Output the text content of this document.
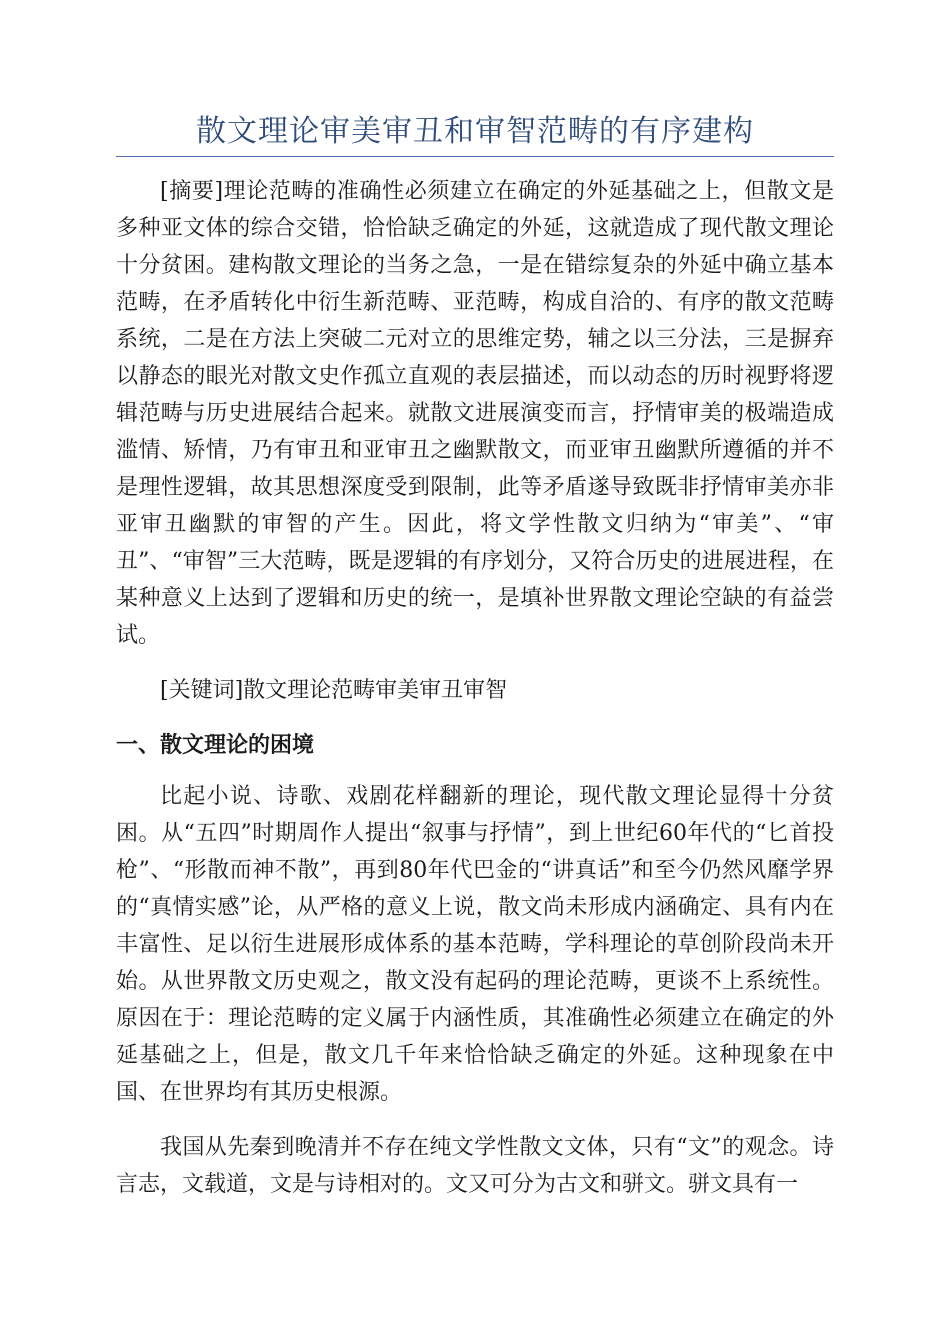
散文理论审美审丑和审智范畴的有序建构

[摘要]理论范畴的准确性必须建立在确定的外延基础之上，但散文是多种亚文体的综合交错，恰恰缺乏确定的外延，这就造成了现代散文理论十分贫困。建构散文理论的当务之急，一是在错综复杂的外延中确立基本范畴，在矛盾转化中衍生新范畴、亚范畴，构成自洽的、有序的散文范畴系统，二是在方法上突破二元对立的思维定势，辅之以三分法，三是摒弃以静态的眼光对散文史作孤立直观的表层描述，而以动态的历时视野将逻辑范畴与历史进展结合起来。就散文进展演变而言，抒情审美的极端造成滥情、矫情，乃有审丑和亚审丑之幽默散文，而亚审丑幽默所遵循的并不是理性逻辑，故其思想深度受到限制，此等矛盾遂导致既非抒情审美亦非亚审丑幽默的审智的产生。因此，将文学性散文归纳为“审美”、“审丑”、“审智”三大范畴，既是逻辑的有序划分，又符合历史的进展进程，在某种意义上达到了逻辑和历史的统一，是填补世界散文理论空缺的有益尝试。

[关键词]散文理论范畴审美审丑审智

一、散文理论的困境

比起小说、诗歌、戏剧花样翻新的理论，现代散文理论显得十分贫困。从“五四”时期周作人提出“叙事与抒情”，到上世纪60年代的“匕首投枪”、“形散而神不散”，再到80年代巴金的“讲真话”和至今仍然风靡学界的“真情实感”论，从严格的意义上说，散文尚未形成内涵确定、具有内在丰富性、足以衍生进展形成体系的基本范畴，学科理论的草创阶段尚未开始。从世界散文历史观之，散文没有起码的理论范畴，更谈不上系统性。原因在于：理论范畴的定义属于内涵性质，其准确性必须建立在确定的外延基础之上，但是，散文几千年来恰恰缺乏确定的外延。这种现象在中国、在世界均有其历史根源。

我国从先秦到晚清并不存在纯文学性散文文体，只有“文”的观念。诗言志，文载道，文是与诗相对的。文又可分为古文和骈文。骈文具有一
